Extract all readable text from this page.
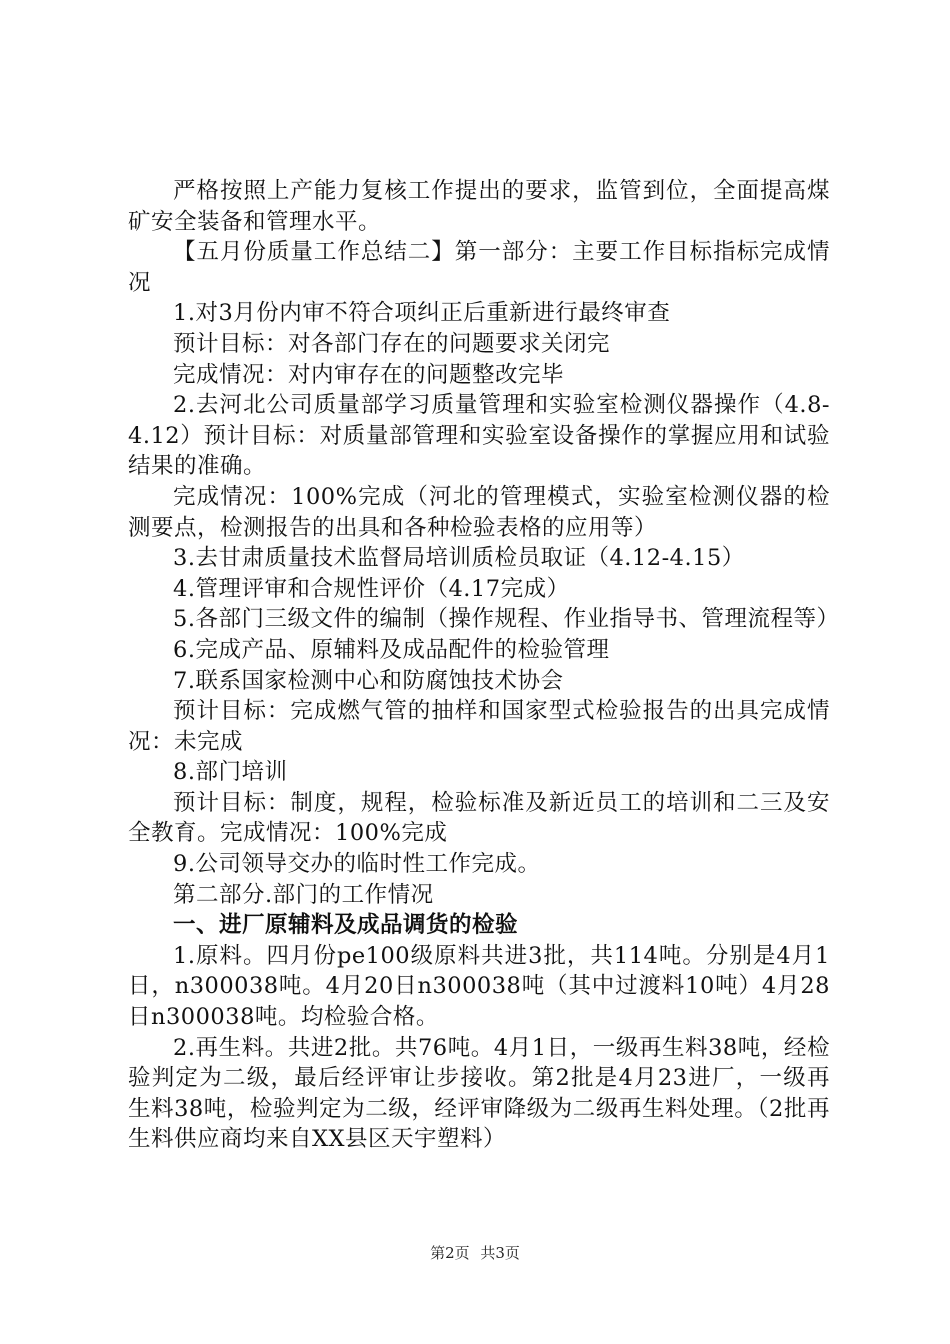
严格按照上产能力复核工作提出的要求，监管到位，全面提高煤矿安全装备和管理水平。

【五月份质量工作总结二】第一部分：主要工作目标指标完成情况

1.对3月份内审不符合项纠正后重新进行最终审查

预计目标：对各部门存在的问题要求关闭完

完成情况：对内审存在的问题整改完毕

2.去河北公司质量部学习质量管理和实验室检测仪器操作（4.8-4.12）预计目标：对质量部管理和实验室设备操作的掌握应用和试验结果的准确。

完成情况：100%完成（河北的管理模式，实验室检测仪器的检测要点，检测报告的出具和各种检验表格的应用等）

3.去甘肃质量技术监督局培训质检员取证（4.12-4.15）

4.管理评审和合规性评价（4.17完成）

5.各部门三级文件的编制（操作规程、作业指导书、管理流程等）

6.完成产品、原辅料及成品配件的检验管理

7.联系国家检测中心和防腐蚀技术协会

预计目标：完成燃气管的抽样和国家型式检验报告的出具完成情况：未完成

8.部门培训

预计目标：制度，规程，检验标准及新近员工的培训和二三及安全教育。完成情况：100%完成

9.公司领导交办的临时性工作完成。

第二部分.部门的工作情况

一、进厂原辅料及成品调货的检验

1.原料。四月份pe100级原料共进3批，共114吨。分别是4月1日，n300038吨。4月20日n300038吨（其中过渡料10吨）4月28日n300038吨。均检验合格。

2.再生料。共进2批。共76吨。4月1日，一级再生料38吨，经检验判定为二级，最后经评审让步接收。第2批是4月23进厂，一级再生料38吨，检验判定为二级，经评审降级为二级再生料处理。（2批再生料供应商均来自XX县区天宇塑料）

第2页 共3页
